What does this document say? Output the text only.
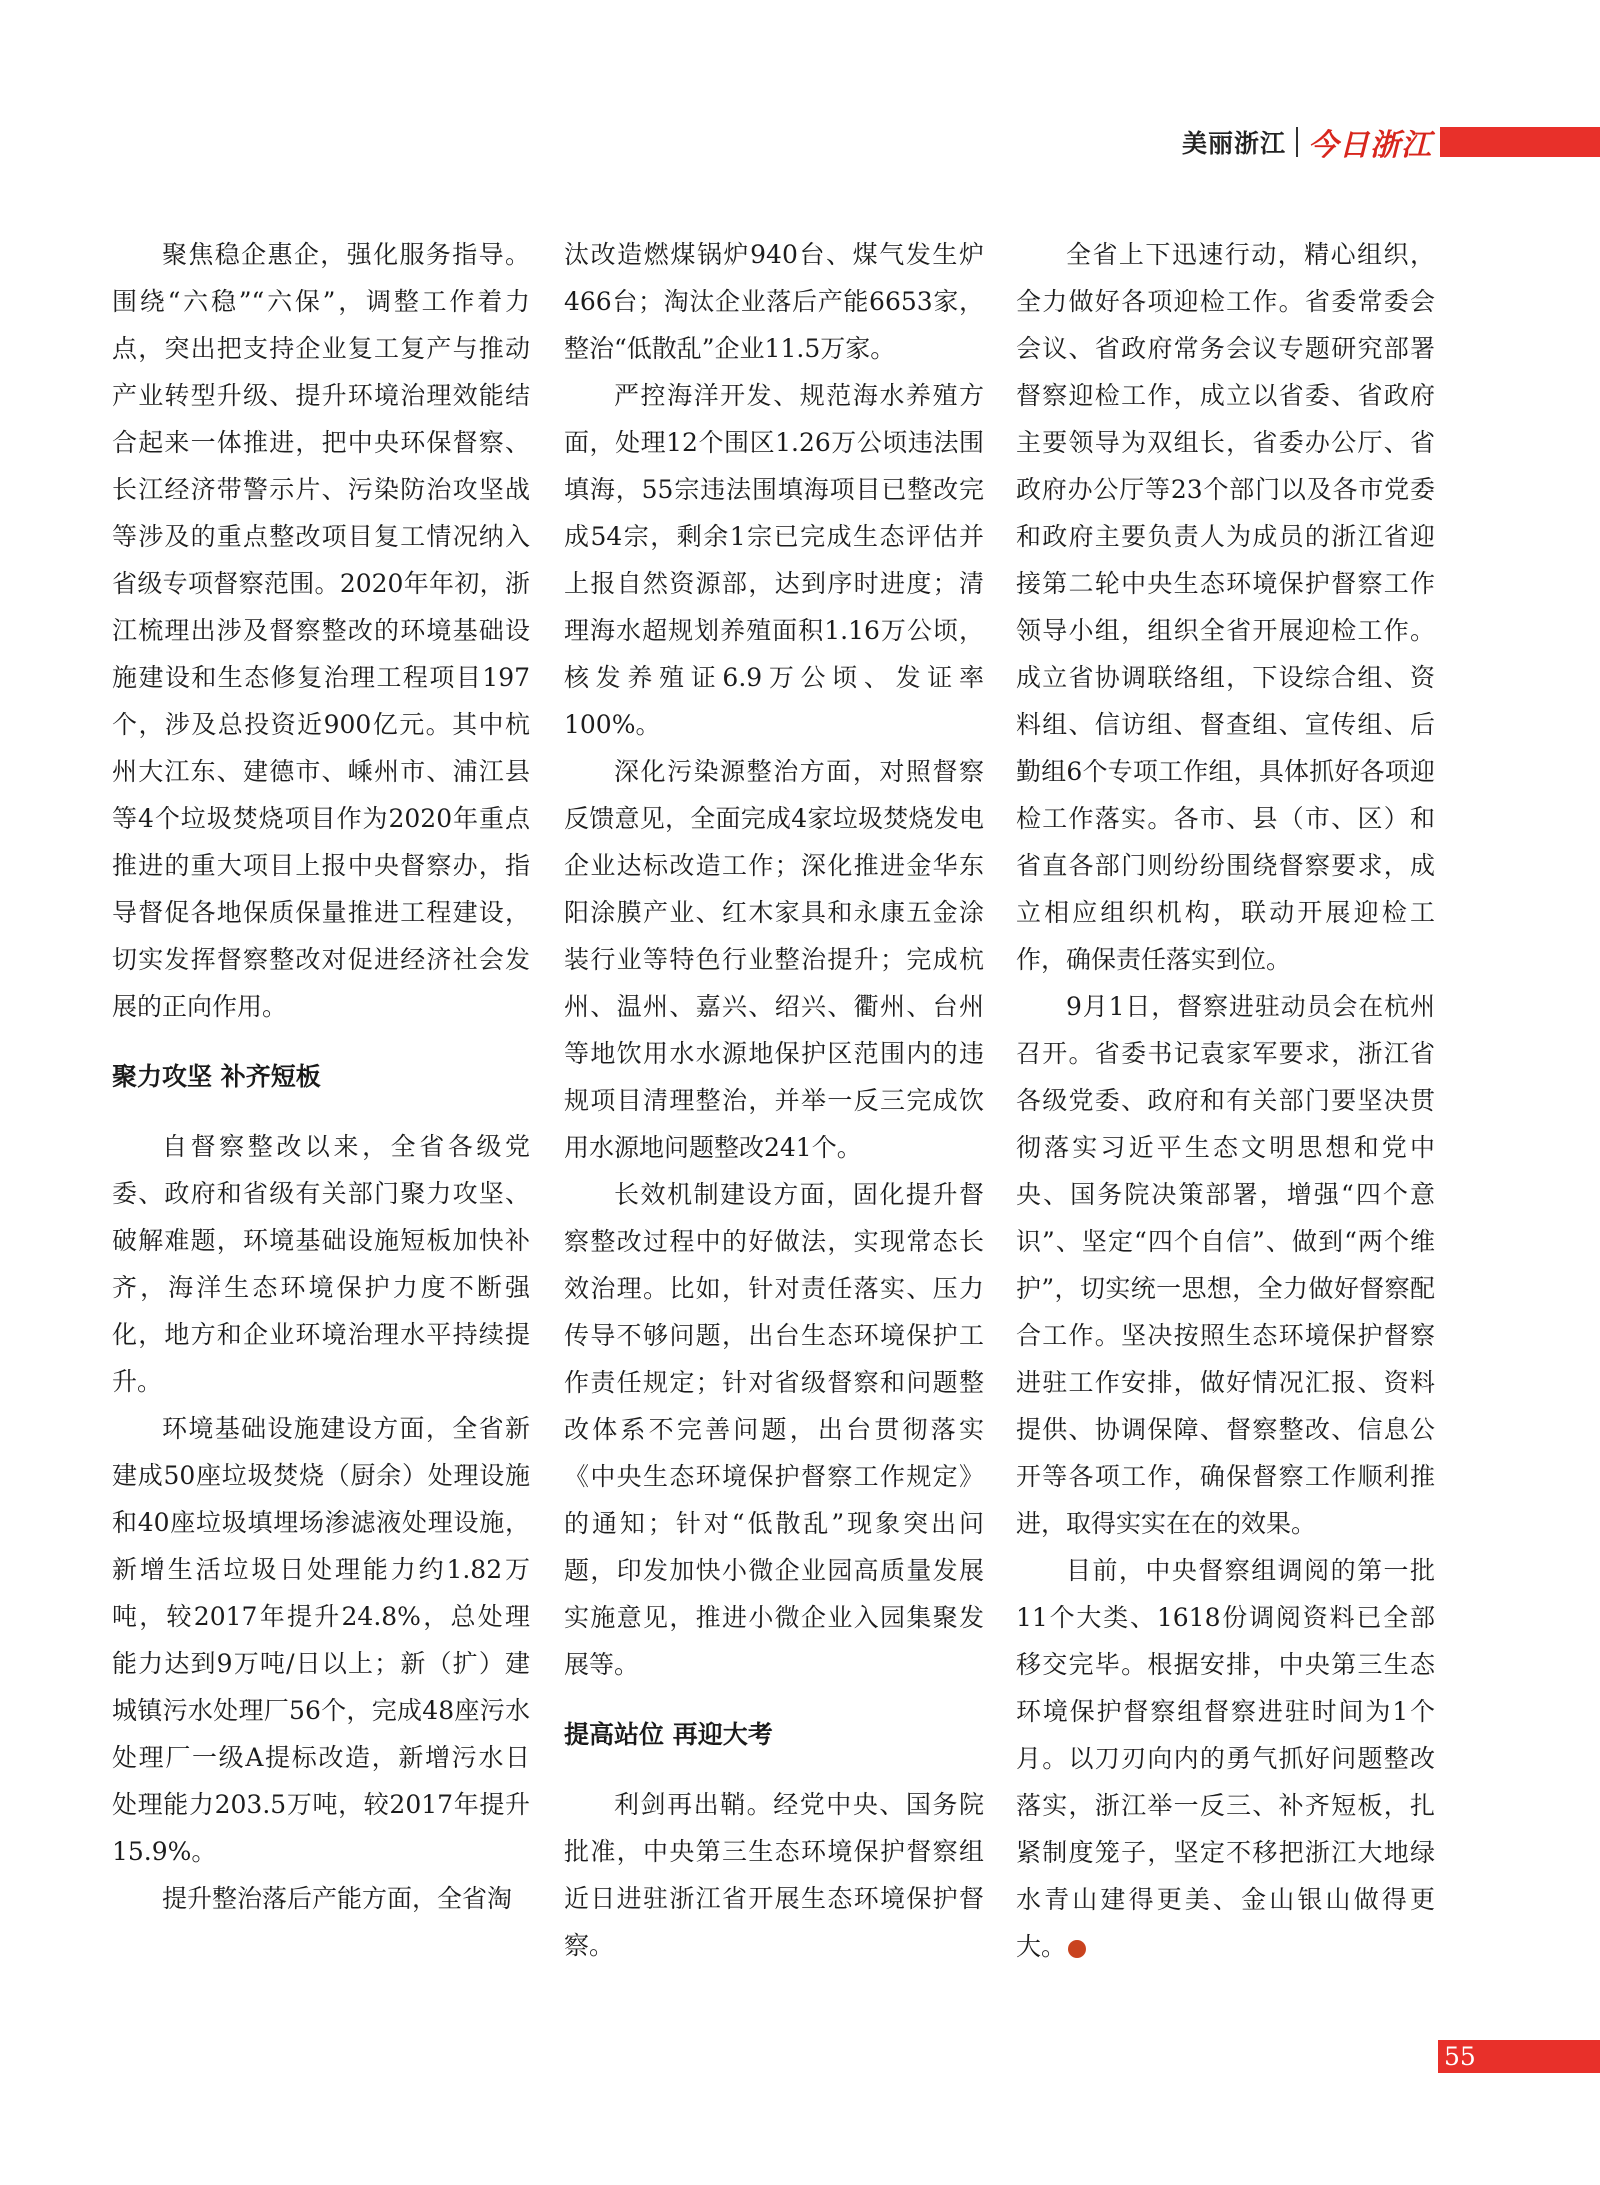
美丽浙江 今日浙江

聚焦稳企惠企，强化服务指导。围绕“六稳”“六保”，调整工作着力点，突出把支持企业复工复产与推动产业转型升级、提升环境治理效能结合起来一体推进，把中央环保督察、长江经济带警示片、污染防治攻坚战等涉及的重点整改项目复工情况纳入省级专项督察范围。2020年年初，浙江梳理出涉及督察整改的环境基础设施建设和生态修复治理工程项目197个，涉及总投资近900亿元。其中杭州大江东、建德市、嵊州市、浦江县等4个垃圾焚烧项目作为2020年重点推进的重大项目上报中央督察办，指导督促各地保质保量推进工程建设，切实发挥督察整改对促进经济社会发展的正向作用。

聚力攻坚 补齐短板

自督察整改以来，全省各级党委、政府和省级有关部门聚力攻坚、破解难题，环境基础设施短板加快补齐，海洋生态环境保护力度不断强化，地方和企业环境治理水平持续提升。

环境基础设施建设方面，全省新建成50座垃圾焚烧（厨余）处理设施和40座垃圾填埋场渗滤液处理设施，新增生活垃圾日处理能力约1.82万吨，较2017年提升24.8%，总处理能力达到9万吨/日以上；新（扩）建城镇污水处理厂56个，完成48座污水处理厂一级A提标改造，新增污水日处理能力203.5万吨，较2017年提升15.9%。

提升整治落后产能方面，全省淘

汰改造燃煤锅炉940台、煤气发生炉466台；淘汰企业落后产能6653家，整治“低散乱”企业11.5万家。

严控海洋开发、规范海水养殖方面，处理12个围区1.26万公顷违法围填海，55宗违法围填海项目已整改完成54宗，剩余1宗已完成生态评估并上报自然资源部，达到序时进度；清理海水超规划养殖面积1.16万公顷，核发养殖证6.9万公顷、发证率100%。

深化污染源整治方面，对照督察反馈意见，全面完成4家垃圾焚烧发电企业达标改造工作；深化推进金华东阳涂膜产业、红木家具和永康五金涂装行业等特色行业整治提升；完成杭州、温州、嘉兴、绍兴、衢州、台州等地饮用水水源地保护区范围内的违规项目清理整治，并举一反三完成饮用水源地问题整改241个。

长效机制建设方面，固化提升督察整改过程中的好做法，实现常态长效治理。比如，针对责任落实、压力传导不够问题，出台生态环境保护工作责任规定；针对省级督察和问题整改体系不完善问题，出台贯彻落实《中央生态环境保护督察工作规定》的通知；针对“低散乱”现象突出问题，印发加快小微企业园高质量发展实施意见，推进小微企业入园集聚发展等。

提高站位 再迎大考

利剑再出鞘。经党中央、国务院批准，中央第三生态环境保护督察组近日进驻浙江省开展生态环境保护督察。

全省上下迅速行动，精心组织，全力做好各项迎检工作。省委常委会会议、省政府常务会议专题研究部署督察迎检工作，成立以省委、省政府主要领导为双组长，省委办公厅、省政府办公厅等23个部门以及各市党委和政府主要负责人为成员的浙江省迎接第二轮中央生态环境保护督察工作领导小组，组织全省开展迎检工作。成立省协调联络组，下设综合组、资料组、信访组、督查组、宣传组、后勤组6个专项工作组，具体抓好各项迎检工作落实。各市、县（市、区）和省直各部门则纷纷围绕督察要求，成立相应组织机构，联动开展迎检工作，确保责任落实到位。

9月1日，督察进驻动员会在杭州召开。省委书记袁家军要求，浙江省各级党委、政府和有关部门要坚决贯彻落实习近平生态文明思想和党中央、国务院决策部署，增强“四个意识”、坚定“四个自信”、做到“两个维护”，切实统一思想，全力做好督察配合工作。坚决按照生态环境保护督察进驻工作安排，做好情况汇报、资料提供、协调保障、督察整改、信息公开等各项工作，确保督察工作顺利推进，取得实实在在的效果。

目前，中央督察组调阅的第一批11个大类、1618份调阅资料已全部移交完毕。根据安排，中央第三生态环境保护督察组督察进驻时间为1个月。以刀刃向内的勇气抓好问题整改落实，浙江举一反三、补齐短板，扎紧制度笼子，坚定不移把浙江大地绿水青山建得更美、金山银山做得更大。

55
